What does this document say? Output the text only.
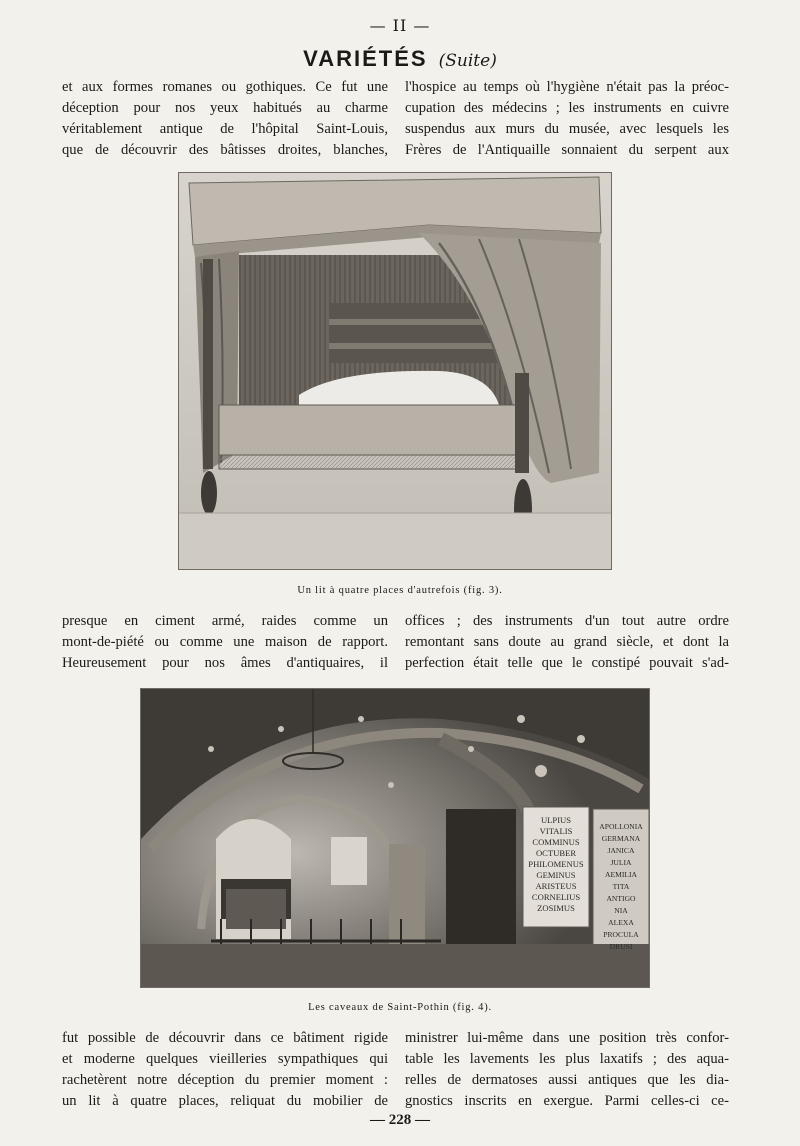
— II —
VARIÉTÉS (Suite)

et aux formes romanes ou gothiques. Ce fut une

déception pour nos yeux habitués au charme

véritablement antique de l'hôpital Saint-Louis,

que de découvrir des bâtisses droites, blanches,

l'hospice au temps où l'hygiène n'était pas la préoc-

cupation des médecins ; les instruments en cuivre

suspendus aux murs du musée, avec lesquels les

Frères de l'Antiquaille sonnaient du serpent aux

Un lit à quatre places d'autrefois (fig. 3).

presque en ciment armé, raides comme un

mont-de-piété ou comme une maison de rapport.

Heureusement pour nos âmes d'antiquaires, il

offices ; des instruments d'un tout autre ordre

remontant sans doute au grand siècle, et dont la

perfection était telle que le constipé pouvait s'ad-

ULPIUS
VITALIS
COMMINUS
OCTUBER
PHILOMENUS
GEMINUS
ARISTEUS
CORNELIUS
ZOSIMUS
APOLLONIA
GERMANA
JANICA
JULIA
AEMILIA
TITA
ANTIGO
NIA
ALEXA
PROCULA
DRUSI
Les caveaux de Saint-Pothin (fig. 4).

fut possible de découvrir dans ce bâtiment rigide

et moderne quelques vieilleries sympathiques qui

rachetèrent notre déception du premier moment :

un lit à quatre places, reliquat du mobilier de

ministrer lui-même dans une position très confor-

table les lavements les plus laxatifs ; des aqua-

relles de dermatoses aussi antiques que les dia-

gnostics inscrits en exergue. Parmi celles-ci ce-

— 228 —
